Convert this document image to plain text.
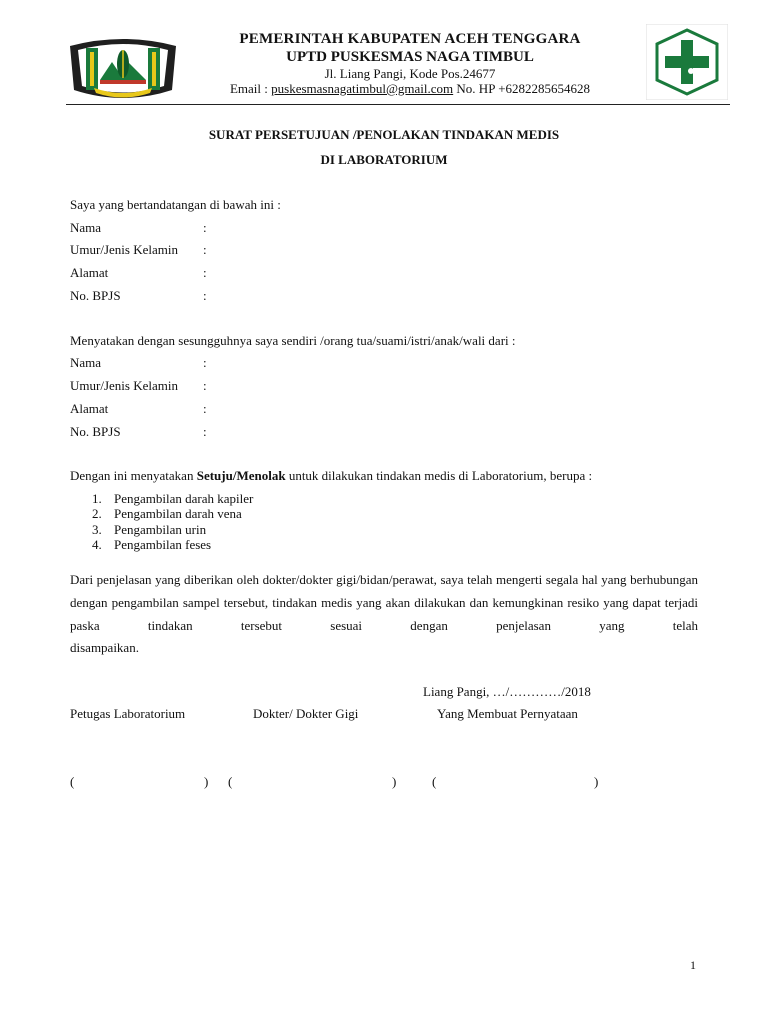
PEMERINTAH KABUPATEN ACEH TENGGARA
UPTD PUSKESMAS NAGA TIMBUL
Jl. Liang Pangi, Kode Pos.24677
Email : puskesmasnagatimbul@gmail.com No. HP +6282285654628
SURAT PERSETUJUAN /PENOLAKAN TINDAKAN MEDIS
DI LABORATORIUM
Saya yang bertandatangan di bawah ini :
Nama	:
Umur/Jenis Kelamin :
Alamat	:
No. BPJS	:
Menyatakan dengan sesungguhnya saya sendiri /orang tua/suami/istri/anak/wali dari :
Nama	:
Umur/Jenis Kelamin :
Alamat	:
No. BPJS	:
Dengan ini menyatakan Setuju/Menolak untuk dilakukan tindakan medis di Laboratorium, berupa :
1. Pengambilan darah kapiler
2. Pengambilan darah vena
3. Pengambilan urin
4. Pengambilan feses
Dari penjelasan yang diberikan oleh dokter/dokter gigi/bidan/perawat, saya telah mengerti segala hal yang berhubungan dengan pengambilan sampel tersebut, tindakan medis yang akan dilakukan dan kemungkinan resiko yang dapat terjadi paska tindakan tersebut sesuai dengan penjelasan yang telah
disampaikan.
Liang Pangi, …/…………/2018
Petugas Laboratorium	Dokter/ Dokter Gigi	Yang Membuat Pernyataan
(	) (	)	(	)
1
